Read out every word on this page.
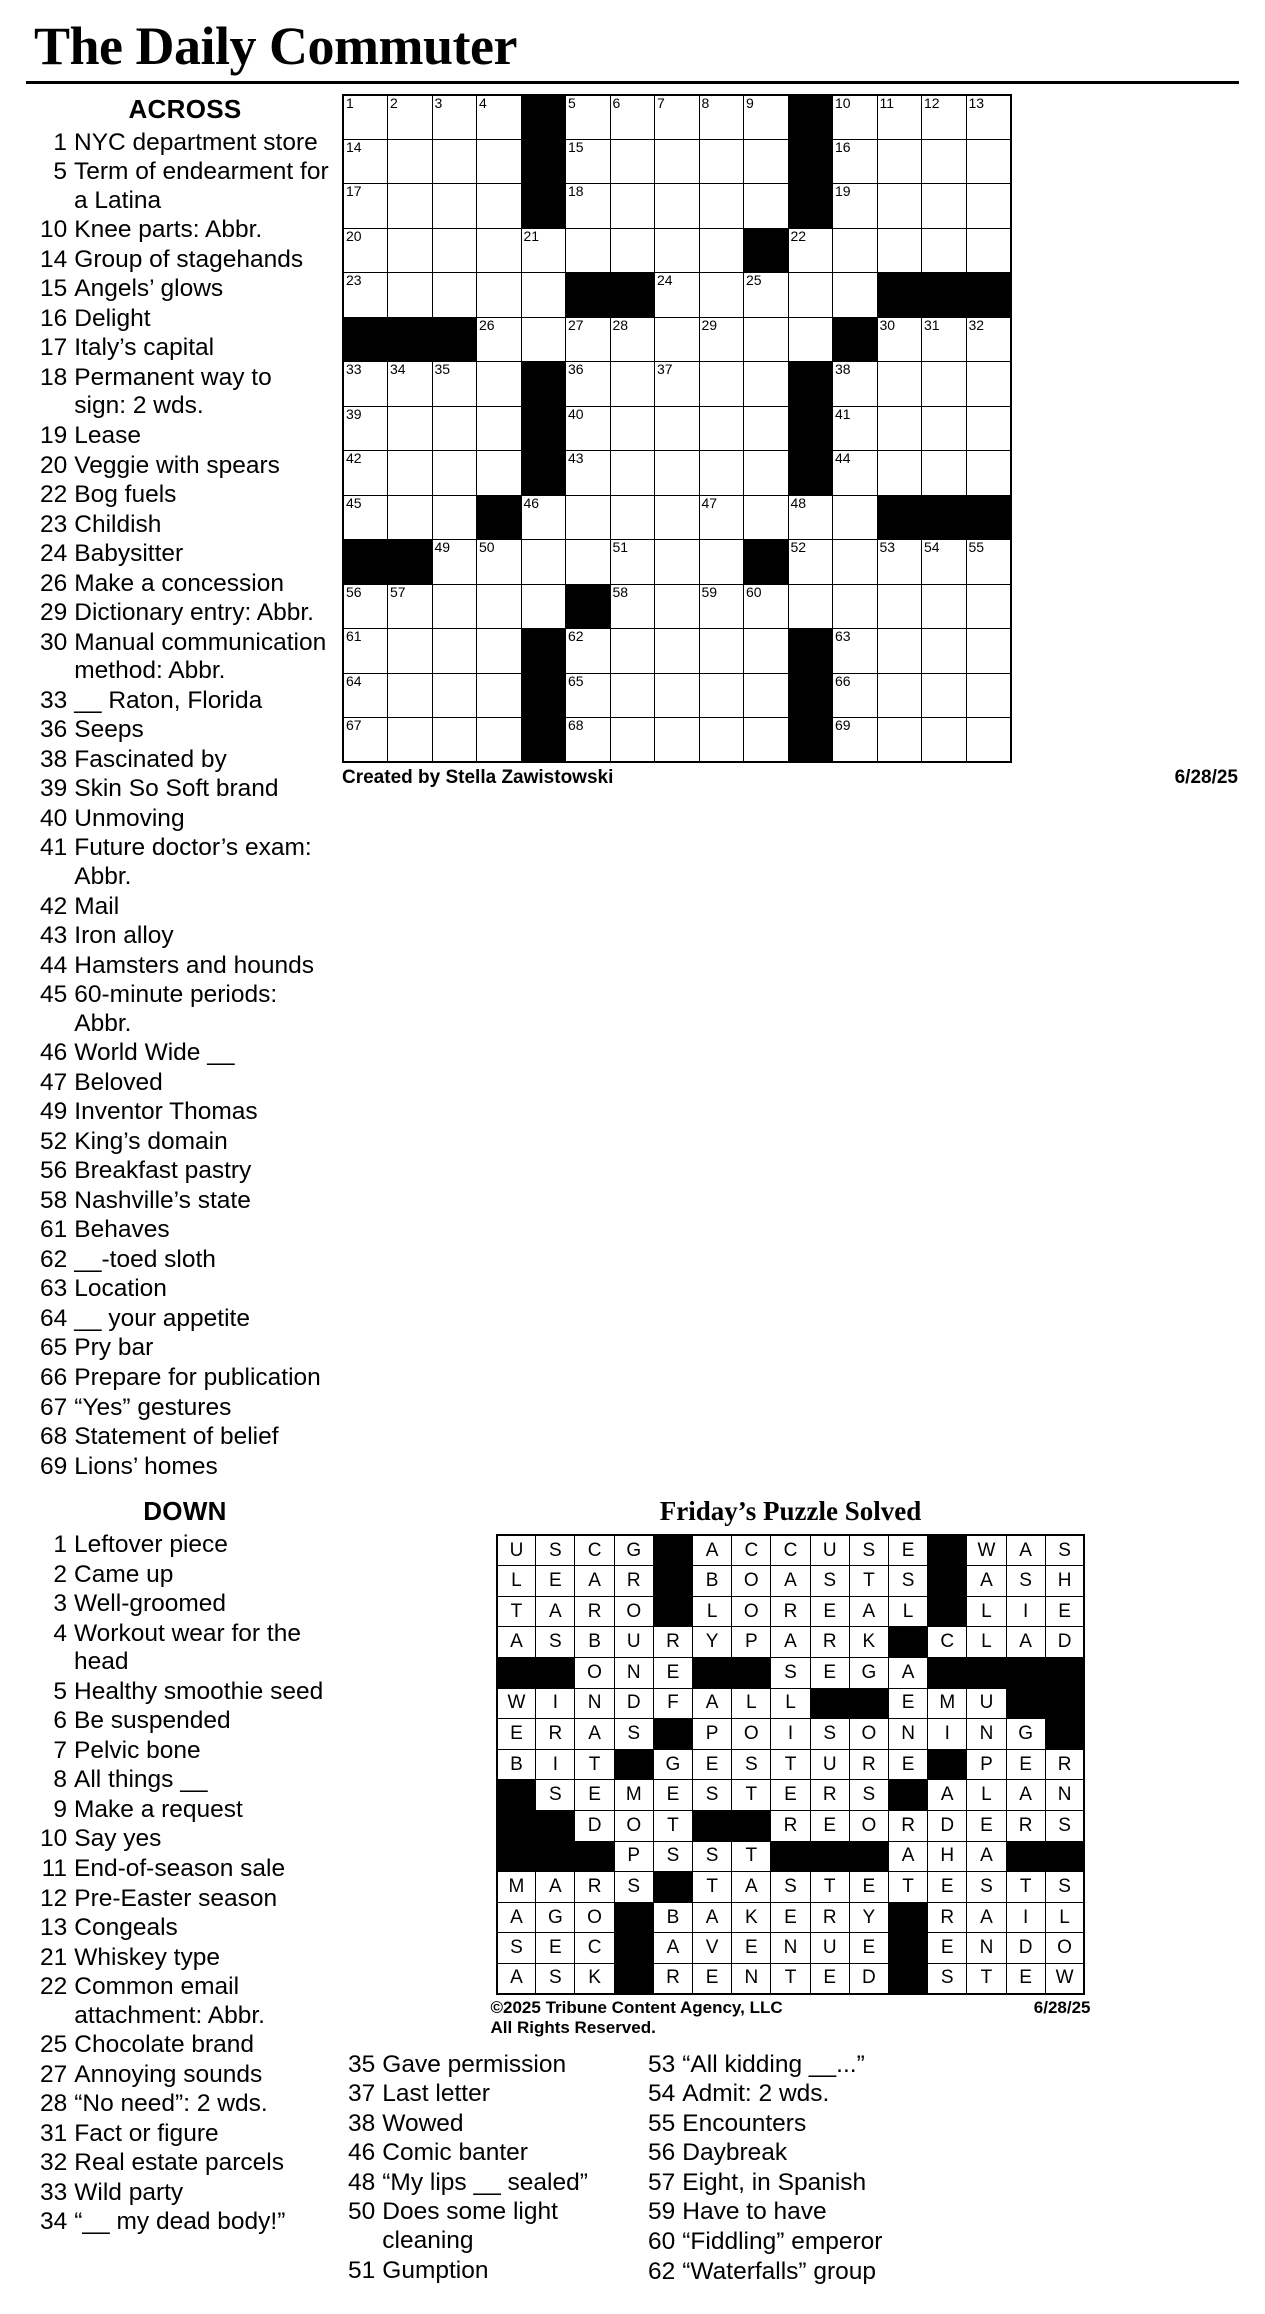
The Daily Commuter
ACROSS
1 NYC department store
5 Term of endearment for a Latina
10 Knee parts: Abbr.
14 Group of stagehands
15 Angels’ glows
16 Delight
17 Italy’s capital
18 Permanent way to sign: 2 wds.
19 Lease
20 Veggie with spears
22 Bog fuels
23 Childish
24 Babysitter
26 Make a concession
29 Dictionary entry: Abbr.
30 Manual communication method: Abbr.
33 __ Raton, Florida
36 Seeps
38 Fascinated by
39 Skin So Soft brand
40 Unmoving
41 Future doctor’s exam: Abbr.
42 Mail
43 Iron alloy
44 Hamsters and hounds
45 60-minute periods: Abbr.
46 World Wide __
47 Beloved
49 Inventor Thomas
52 King’s domain
56 Breakfast pastry
58 Nashville’s state
61 Behaves
62 __-toed sloth
63 Location
64 __ your appetite
65 Pry bar
66 Prepare for publication
67 “Yes” gestures
68 Statement of belief
69 Lions’ homes
1	2	3	4		5	6	7	8	9		10	11	12	13

14					15						16			

17					18						19			

20				21						22				

23							24		25					

			26		27	28		29				30	31	32

33	34	35			36		37				38			

39					40						41			

42					43						44			

45				46				47		48				

		49	50			51				52		53	54	55

56	57					58		59	60					

61					62						63			

64					65						66			

67					68						69			

Created by Stella Zawistowski	6/28/25
DOWN
1 Leftover piece
2 Came up
3 Well-groomed
4 Workout wear for the head
5 Healthy smoothie seed
6 Be suspended
7 Pelvic bone
8 All things __
9 Make a request
10 Say yes
11 End-of-season sale
12 Pre-Easter season
13 Congeals
21 Whiskey type
22 Common email attachment: Abbr.
25 Chocolate brand
27 Annoying sounds
28 “No need”: 2 wds.
31 Fact or figure
32 Real estate parcels
33 Wild party
34 “__ my dead body!”
Friday’s Puzzle Solved
U	S	C	G		A	C	C	U	S	E		W	A	S
L	E	A	R		B	O	A	S	T	S		A	S	H
T	A	R	O		L	O	R	E	A	L		L	I	E
A	S	B	U	R	Y	P	A	R	K		C	L	A	D
		O	N	E			S	E	G	A				
W	I	N	D	F	A	L	L			E	M	U		
E	R	A	S		P	O	I	S	O	N	I	N	G	
B	I	T		G	E	S	T	U	R	E		P	E	R
	S	E	M	E	S	T	E	R	S		A	L	A	N
		D	O	T			R	E	O	R	D	E	R	S
			P	S	S	T				A	H	A		
M	A	R	S		T	A	S	T	E	T	E	S	T	S
A	G	O		B	A	K	E	R	Y		R	A	I	L
S	E	C		A	V	E	N	U	E		E	N	D	O
A	S	K		R	E	N	T	E	D		S	T	E	W
©2025 Tribune Content Agency, LLC
All Rights Reserved.
6/28/25
35 Gave permission
37 Last letter
38 Wowed
46 Comic banter
48 “My lips __ sealed”
50 Does some light cleaning
51 Gumption
53 “All kidding __...”
54 Admit: 2 wds.
55 Encounters
56 Daybreak
57 Eight, in Spanish
59 Have to have
60 “Fiddling” emperor
62 “Waterfalls” group
